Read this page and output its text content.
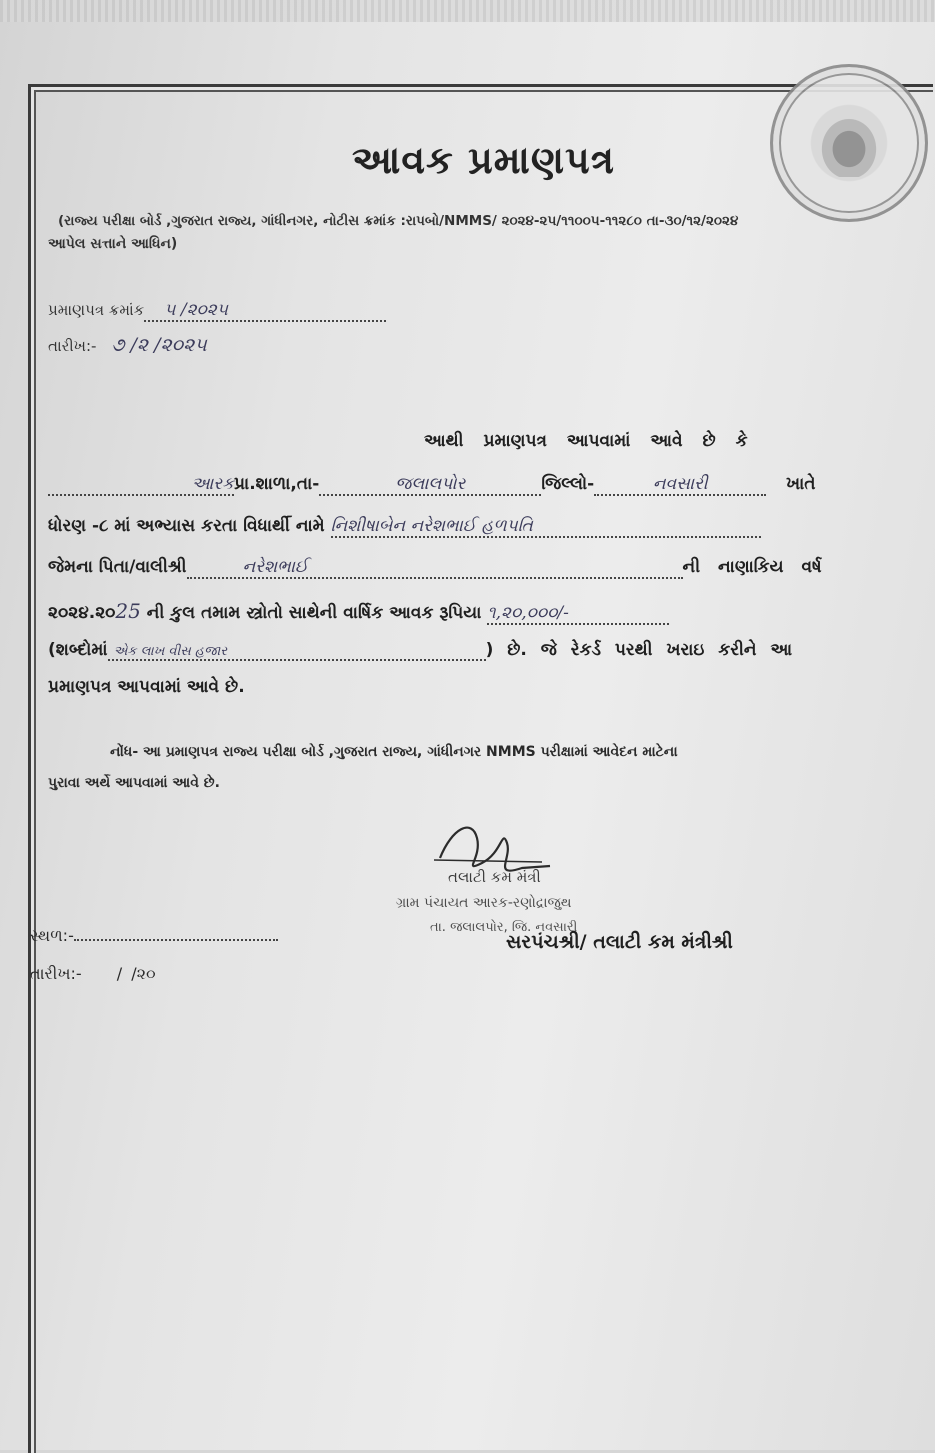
આવક પ્રમાણપત્ર
(રાજ્ય પરીક્ષા બોર્ડ ,ગુજરાત રાજ્ય, ગાંધીનગર, નોટીસ ક્રમાંક :રાપબો/NMMS/ ૨૦૨૪-૨૫/૧૧૦૦૫-૧૧૨૮૦ તા-૩૦/૧૨/૨૦૨૪
આપેલ સત્તાને આધિન)
પ્રમાણપત્ર ક્રમાંક ૫ /૨૦૨૫
તારીખ:- ૭ /૨ /૨૦૨૫
આથી પ્રમાણપત્ર આપવામાં આવે છે કે
આરકપ્રા.શાળા,તા-	જલાલપોર	જિલ્લો-	નવસારી	ખાતે
ધોરણ -૮ માં અભ્યાસ કરતા વિધાર્થી નામે નિશીષાબેન નરેશભાઈ હળપતિ
જેમના પિતા/વાલીશ્રી	નરેશભાઈ	ની નાણાકિય વર્ષ
૨૦૨૪.૨૦25 ની કુલ તમામ સ્ત્રોતો સાથેની વાર્ષિક આવક રૂપિયા ૧,૨૦,૦૦૦/-
(શબ્દોમાં એક લાખ વીસ હજાર	) છે. જે રેકર્ડ પરથી ખરાઇ કરીને આ
પ્રમાણપત્ર આપવામાં આવે છે.
નોંધ- આ પ્રમાણપત્ર રાજ્ય પરીક્ષા બોર્ડ ,ગુજરાત રાજ્ય, ગાંધીનગર NMMS પરીક્ષામાં આવેદન માટેના
પુરાવા અર્થે આપવામાં આવે છે.
તલાટી કમ મંત્રી
ગ્રામ પંચાયત આરક-રણોદ્રાજુથ
તા. જલાલપોર, જિ. નવસારી
સરપંચશ્રી/ તલાટી કમ મંત્રીશ્રી
સ્થળ:-
તારીખ:- / /૨૦
